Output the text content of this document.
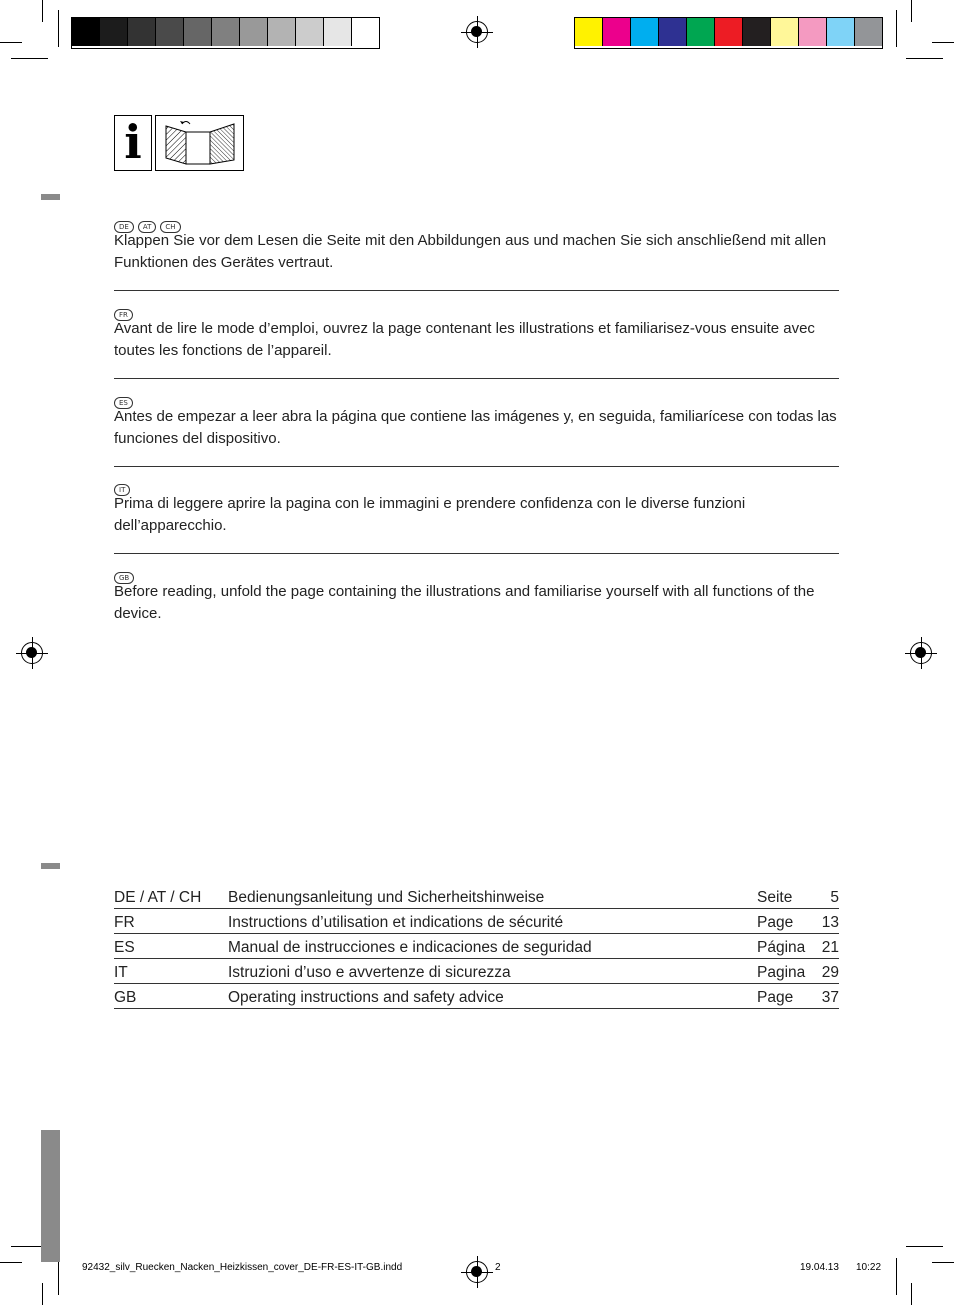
i
DE AT CH

Klappen Sie vor dem Lesen die Seite mit den Abbildungen aus und machen Sie sich anschließend mit allen Funktionen des Gerätes vertraut.

FR

Avant de lire le mode d’emploi, ouvrez la page contenant les illustrations et familiarisez-vous ensuite avec toutes les fonctions de l’appareil.

ES

Antes de empezar a leer abra la página que contiene las imágenes y, en seguida, familiarícese con todas las funciones del dispositivo.

IT

Prima di leggere aprire la pagina con le immagini e prendere confidenza con le diverse funzioni dell’apparecchio.

GB

Before reading, unfold the page containing the illustrations and familiarise yourself with all functions of the device.

DE / AT / CH	Bedienungsanleitung und Sicherheitshinweise	Seite	5
FR	Instructions d’utilisation et indications de sécurité	Page	13
ES	Manual de instrucciones e indicaciones de seguridad	Página	21
IT	Istruzioni d’uso e avvertenze di sicurezza	Pagina	29
GB	Operating instructions and safety advice	Page	37
92432_silv_Ruecken_Nacken_Heizkissen_cover_DE-FR-ES-IT-GB.indd	2	19.04.13 10:22
